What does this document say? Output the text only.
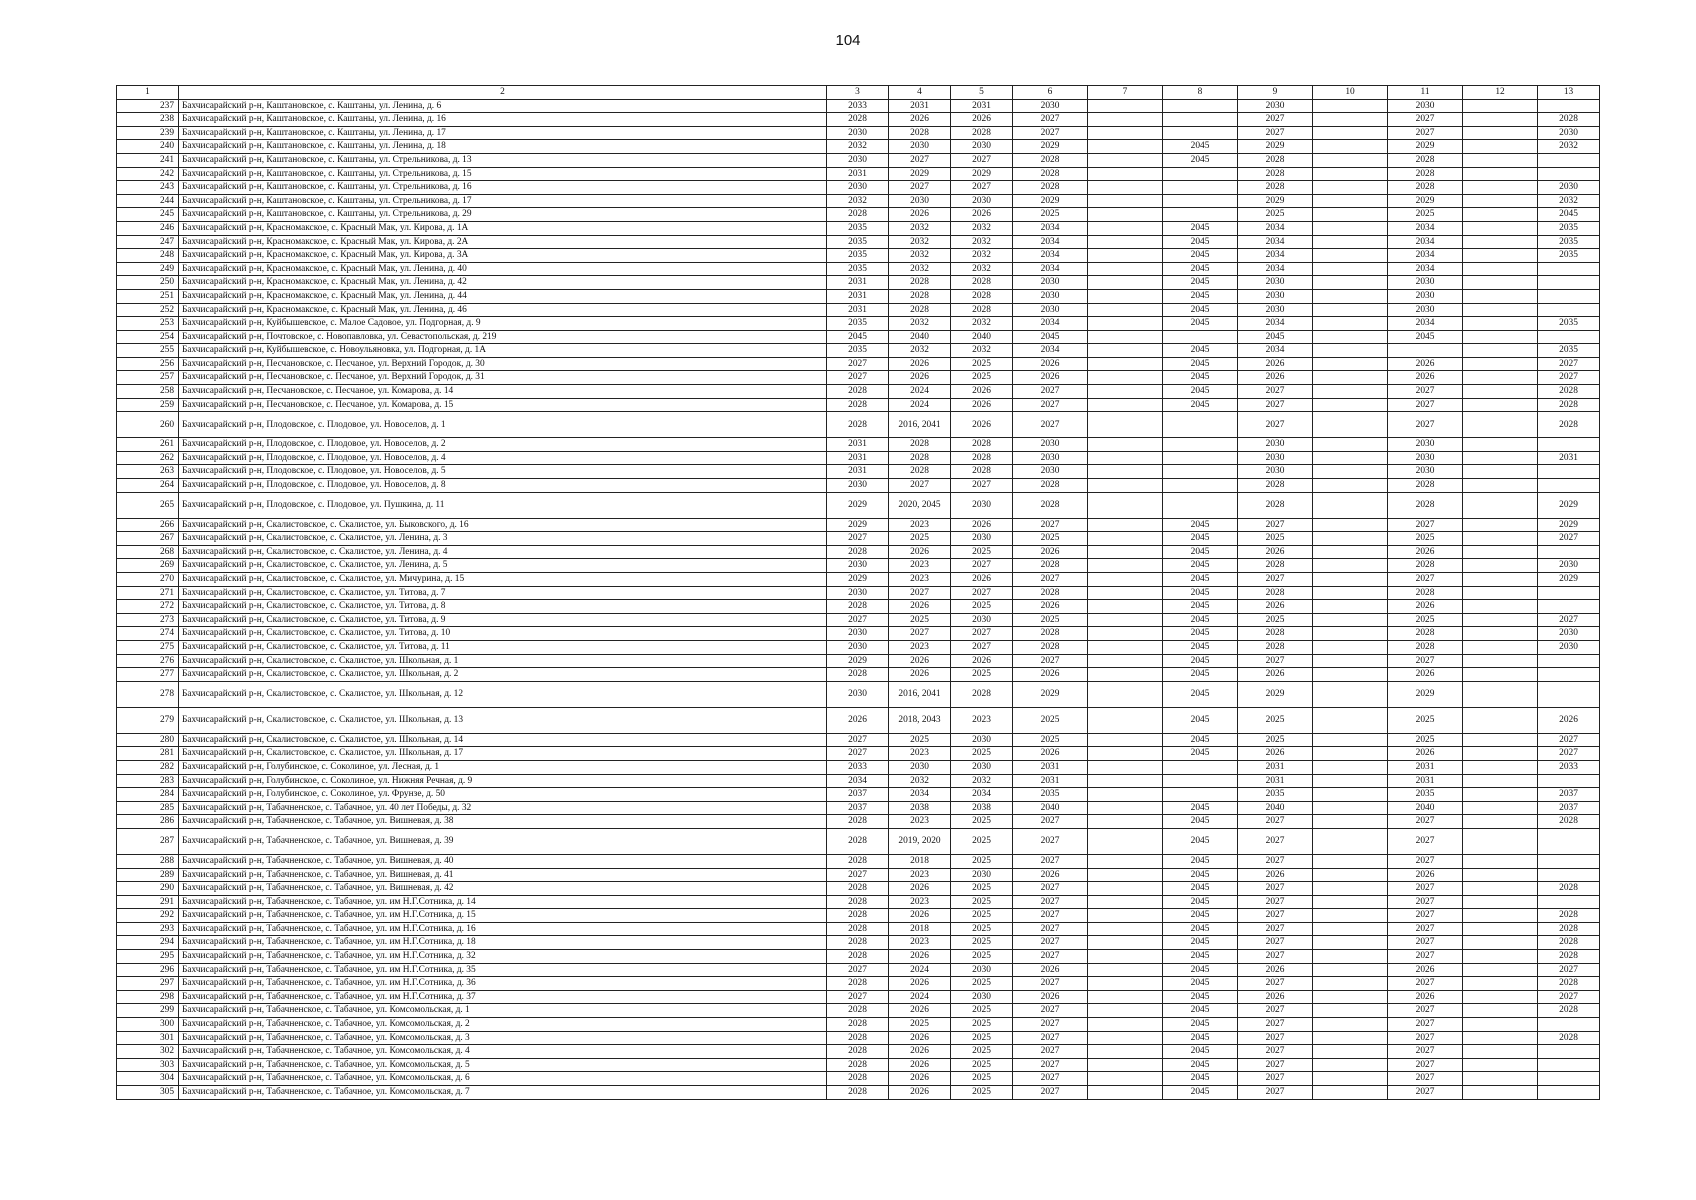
104
1	2	3	4	5	6	7	8	9	10	11	12	13
237	Бахчисарайский р-н, Каштановское, с. Каштаны, ул. Ленина, д. 6	2033	2031	2031	2030			2030		2030		
238	Бахчисарайский р-н, Каштановское, с. Каштаны, ул. Ленина, д. 16	2028	2026	2026	2027			2027		2027		2028
239	Бахчисарайский р-н, Каштановское, с. Каштаны, ул. Ленина, д. 17	2030	2028	2028	2027			2027		2027		2030
240	Бахчисарайский р-н, Каштановское, с. Каштаны, ул. Ленина, д. 18	2032	2030	2030	2029		2045	2029		2029		2032
241	Бахчисарайский р-н, Каштановское, с. Каштаны, ул. Стрельникова, д. 13	2030	2027	2027	2028		2045	2028		2028		
242	Бахчисарайский р-н, Каштановское, с. Каштаны, ул. Стрельникова, д. 15	2031	2029	2029	2028			2028		2028		
243	Бахчисарайский р-н, Каштановское, с. Каштаны, ул. Стрельникова, д. 16	2030	2027	2027	2028			2028		2028		2030
244	Бахчисарайский р-н, Каштановское, с. Каштаны, ул. Стрельникова, д. 17	2032	2030	2030	2029			2029		2029		2032
245	Бахчисарайский р-н, Каштановское, с. Каштаны, ул. Стрельникова, д. 29	2028	2026	2026	2025			2025		2025		2045
246	Бахчисарайский р-н, Красномакское, с. Красный Мак, ул. Кирова, д. 1А	2035	2032	2032	2034		2045	2034		2034		2035
247	Бахчисарайский р-н, Красномакское, с. Красный Мак, ул. Кирова, д. 2А	2035	2032	2032	2034		2045	2034		2034		2035
248	Бахчисарайский р-н, Красномакское, с. Красный Мак, ул. Кирова, д. 3А	2035	2032	2032	2034		2045	2034		2034		2035
249	Бахчисарайский р-н, Красномакское, с. Красный Мак, ул. Ленина, д. 40	2035	2032	2032	2034		2045	2034		2034		
250	Бахчисарайский р-н, Красномакское, с. Красный Мак, ул. Ленина, д. 42	2031	2028	2028	2030		2045	2030		2030		
251	Бахчисарайский р-н, Красномакское, с. Красный Мак, ул. Ленина, д. 44	2031	2028	2028	2030		2045	2030		2030		
252	Бахчисарайский р-н, Красномакское, с. Красный Мак, ул. Ленина, д. 46	2031	2028	2028	2030		2045	2030		2030		
253	Бахчисарайский р-н, Куйбышевское, с. Малое Садовое, ул. Подгорная, д. 9	2035	2032	2032	2034		2045	2034		2034		2035
254	Бахчисарайский р-н, Почтовское, с. Новопавловка, ул. Севастопольская, д. 219	2045	2040	2040	2045			2045		2045		
255	Бахчисарайский р-н, Куйбышевское, с. Новоульяновка, ул. Подгорная, д. 1А	2035	2032	2032	2034		2045	2034				2035
256	Бахчисарайский р-н, Песчановское, с. Песчаное, ул. Верхний Городок, д. 30	2027	2026	2025	2026		2045	2026		2026		2027
257	Бахчисарайский р-н, Песчановское, с. Песчаное, ул. Верхний Городок, д. 31	2027	2026	2025	2026		2045	2026		2026		2027
258	Бахчисарайский р-н, Песчановское, с. Песчаное, ул. Комарова, д. 14	2028	2024	2026	2027		2045	2027		2027		2028
259	Бахчисарайский р-н, Песчановское, с. Песчаное, ул. Комарова, д. 15	2028	2024	2026	2027		2045	2027		2027		2028
260	Бахчисарайский р-н, Плодовское, с. Плодовое, ул. Новоселов, д. 1	2028	2016, 2041	2026	2027			2027		2027		2028
261	Бахчисарайский р-н, Плодовское, с. Плодовое, ул. Новоселов, д. 2	2031	2028	2028	2030			2030		2030		
262	Бахчисарайский р-н, Плодовское, с. Плодовое, ул. Новоселов, д. 4	2031	2028	2028	2030			2030		2030		2031
263	Бахчисарайский р-н, Плодовское, с. Плодовое, ул. Новоселов, д. 5	2031	2028	2028	2030			2030		2030		
264	Бахчисарайский р-н, Плодовское, с. Плодовое, ул. Новоселов, д. 8	2030	2027	2027	2028			2028		2028		
265	Бахчисарайский р-н, Плодовское, с. Плодовое, ул. Пушкина, д. 11	2029	2020, 2045	2030	2028			2028		2028		2029
266	Бахчисарайский р-н, Скалистовское, с. Скалистое, ул. Быковского, д. 16	2029	2023	2026	2027		2045	2027		2027		2029
267	Бахчисарайский р-н, Скалистовское, с. Скалистое, ул. Ленина, д. 3	2027	2025	2030	2025		2045	2025		2025		2027
268	Бахчисарайский р-н, Скалистовское, с. Скалистое, ул. Ленина, д. 4	2028	2026	2025	2026		2045	2026		2026		
269	Бахчисарайский р-н, Скалистовское, с. Скалистое, ул. Ленина, д. 5	2030	2023	2027	2028		2045	2028		2028		2030
270	Бахчисарайский р-н, Скалистовское, с. Скалистое, ул. Мичурина, д. 15	2029	2023	2026	2027		2045	2027		2027		2029
271	Бахчисарайский р-н, Скалистовское, с. Скалистое, ул. Титова, д. 7	2030	2027	2027	2028		2045	2028		2028		
272	Бахчисарайский р-н, Скалистовское, с. Скалистое, ул. Титова, д. 8	2028	2026	2025	2026		2045	2026		2026		
273	Бахчисарайский р-н, Скалистовское, с. Скалистое, ул. Титова, д. 9	2027	2025	2030	2025		2045	2025		2025		2027
274	Бахчисарайский р-н, Скалистовское, с. Скалистое, ул. Титова, д. 10	2030	2027	2027	2028		2045	2028		2028		2030
275	Бахчисарайский р-н, Скалистовское, с. Скалистое, ул. Титова, д. 11	2030	2023	2027	2028		2045	2028		2028		2030
276	Бахчисарайский р-н, Скалистовское, с. Скалистое, ул. Школьная, д. 1	2029	2026	2026	2027		2045	2027		2027		
277	Бахчисарайский р-н, Скалистовское, с. Скалистое, ул. Школьная, д. 2	2028	2026	2025	2026		2045	2026		2026		
278	Бахчисарайский р-н, Скалистовское, с. Скалистое, ул. Школьная, д. 12	2030	2016, 2041	2028	2029		2045	2029		2029		
279	Бахчисарайский р-н, Скалистовское, с. Скалистое, ул. Школьная, д. 13	2026	2018, 2043	2023	2025		2045	2025		2025		2026
280	Бахчисарайский р-н, Скалистовское, с. Скалистое, ул. Школьная, д. 14	2027	2025	2030	2025		2045	2025		2025		2027
281	Бахчисарайский р-н, Скалистовское, с. Скалистое, ул. Школьная, д. 17	2027	2023	2025	2026		2045	2026		2026		2027
282	Бахчисарайский р-н, Голубинское, с. Соколиное, ул. Лесная, д. 1	2033	2030	2030	2031			2031		2031		2033
283	Бахчисарайский р-н, Голубинское, с. Соколиное, ул. Нижняя Речная, д. 9	2034	2032	2032	2031			2031		2031		
284	Бахчисарайский р-н, Голубинское, с. Соколиное, ул. Фрунзе, д. 50	2037	2034	2034	2035			2035		2035		2037
285	Бахчисарайский р-н, Табачненское, с. Табачное, ул. 40 лет Победы, д. 32	2037	2038	2038	2040		2045	2040		2040		2037
286	Бахчисарайский р-н, Табачненское, с. Табачное, ул. Вишневая, д. 38	2028	2023	2025	2027		2045	2027		2027		2028
287	Бахчисарайский р-н, Табачненское, с. Табачное, ул. Вишневая, д. 39	2028	2019, 2020	2025	2027		2045	2027		2027		
288	Бахчисарайский р-н, Табачненское, с. Табачное, ул. Вишневая, д. 40	2028	2018	2025	2027		2045	2027		2027		
289	Бахчисарайский р-н, Табачненское, с. Табачное, ул. Вишневая, д. 41	2027	2023	2030	2026		2045	2026		2026		
290	Бахчисарайский р-н, Табачненское, с. Табачное, ул. Вишневая, д. 42	2028	2026	2025	2027		2045	2027		2027		2028
291	Бахчисарайский р-н, Табачненское, с. Табачное, ул. им Н.Г.Сотника, д. 14	2028	2023	2025	2027		2045	2027		2027		
292	Бахчисарайский р-н, Табачненское, с. Табачное, ул. им Н.Г.Сотника, д. 15	2028	2026	2025	2027		2045	2027		2027		2028
293	Бахчисарайский р-н, Табачненское, с. Табачное, ул. им Н.Г.Сотника, д. 16	2028	2018	2025	2027		2045	2027		2027		2028
294	Бахчисарайский р-н, Табачненское, с. Табачное, ул. им Н.Г.Сотника, д. 18	2028	2023	2025	2027		2045	2027		2027		2028
295	Бахчисарайский р-н, Табачненское, с. Табачное, ул. им Н.Г.Сотника, д. 32	2028	2026	2025	2027		2045	2027		2027		2028
296	Бахчисарайский р-н, Табачненское, с. Табачное, ул. им Н.Г.Сотника, д. 35	2027	2024	2030	2026		2045	2026		2026		2027
297	Бахчисарайский р-н, Табачненское, с. Табачное, ул. им Н.Г.Сотника, д. 36	2028	2026	2025	2027		2045	2027		2027		2028
298	Бахчисарайский р-н, Табачненское, с. Табачное, ул. им Н.Г.Сотника, д. 37	2027	2024	2030	2026		2045	2026		2026		2027
299	Бахчисарайский р-н, Табачненское, с. Табачное, ул. Комсомольская, д. 1	2028	2026	2025	2027		2045	2027		2027		2028
300	Бахчисарайский р-н, Табачненское, с. Табачное, ул. Комсомольская, д. 2	2028	2025	2025	2027		2045	2027		2027		
301	Бахчисарайский р-н, Табачненское, с. Табачное, ул. Комсомольская, д. 3	2028	2026	2025	2027		2045	2027		2027		2028
302	Бахчисарайский р-н, Табачненское, с. Табачное, ул. Комсомольская, д. 4	2028	2026	2025	2027		2045	2027		2027		
303	Бахчисарайский р-н, Табачненское, с. Табачное, ул. Комсомольская, д. 5	2028	2026	2025	2027		2045	2027		2027		
304	Бахчисарайский р-н, Табачненское, с. Табачное, ул. Комсомольская, д. 6	2028	2026	2025	2027		2045	2027		2027		
305	Бахчисарайский р-н, Табачненское, с. Табачное, ул. Комсомольская, д. 7	2028	2026	2025	2027		2045	2027		2027		
